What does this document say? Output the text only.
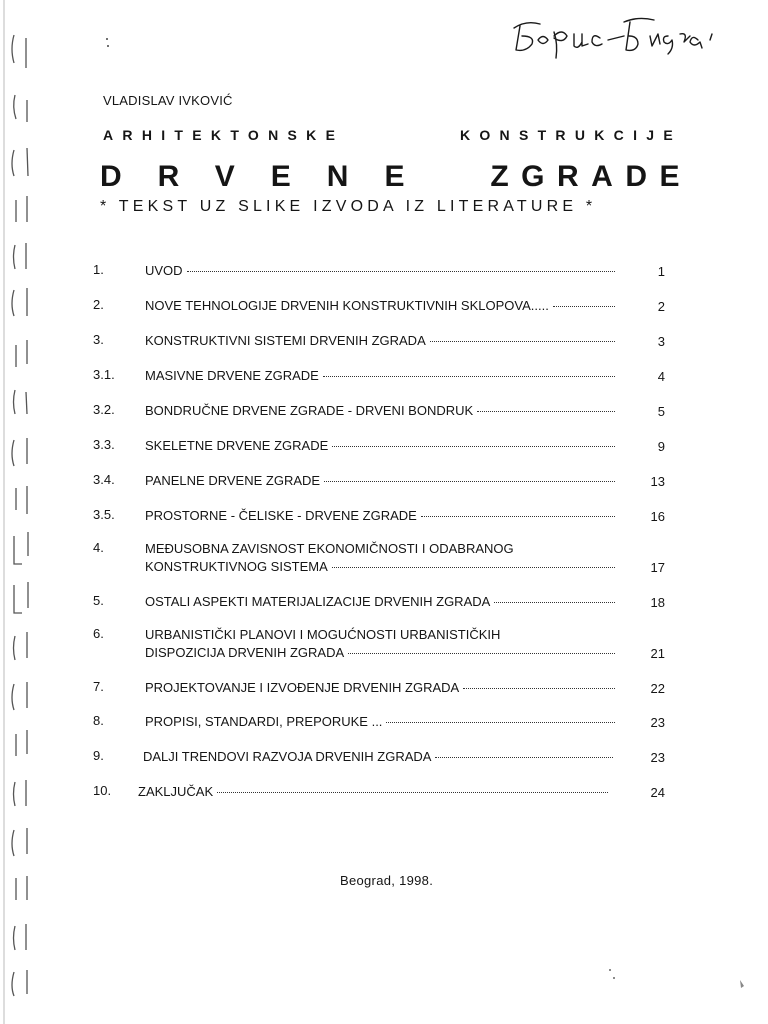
VLADISLAV IVKOVIĆ
ARHITEKTONSKE	KONSTRUKCIJE
DRVENE ZGRADE
* TEKST UZ SLIKE IZVODA IZ LITERATURE *
1.	UVOD	1
2.	NOVE TEHNOLOGIJE DRVENIH KONSTRUKTIVNIH SKLOPOVA.....	2
3.	KONSTRUKTIVNI SISTEMI DRVENIH ZGRADA	3
3.1. MASIVNE DRVENE ZGRADE	4
3.2. BONDRUČNE DRVENE ZGRADE - DRVENI BONDRUK	5
3.3. SKELETNE DRVENE ZGRADE	9
3.4. PANELNE DRVENE ZGRADE	13
3.5. PROSTORNE - ČELISKE - DRVENE ZGRADE	16
4.	MEĐUSOBNA ZAVISNOST EKONOMIČNOSTI I ODABRANOG
KONSTRUKTIVNOG SISTEMA	17
5.	OSTALI ASPEKTI MATERIJALIZACIJE DRVENIH ZGRADA	18
6.	URBANISTIČKI PLANOVI I MOGUĆNOSTI URBANISTIČKIH
DISPOZICIJA DRVENIH ZGRADA	21
7.	PROJEKTOVANJE I IZVOĐENJE DRVENIH ZGRADA	22
8.	PROPISI, STANDARDI, PREPORUKE ...	23
9.	DALJI TRENDOVI RAZVOJA DRVENIH ZGRADA	23
10. ZAKLJUČAK	24
Beograd, 1998.
